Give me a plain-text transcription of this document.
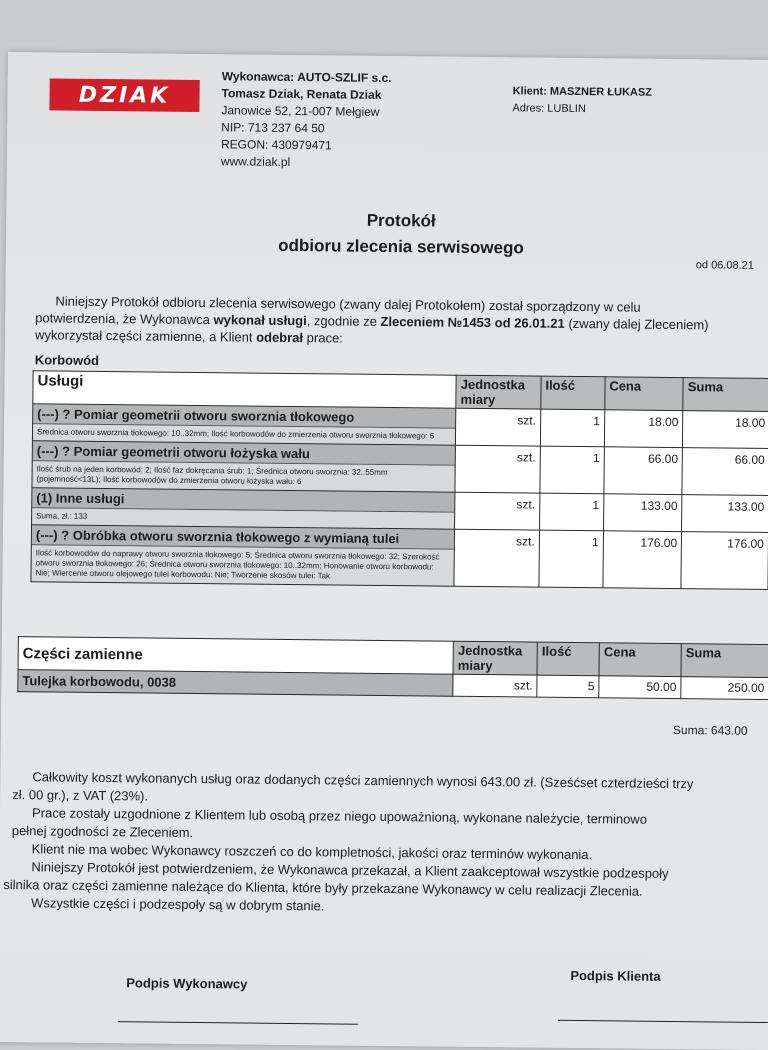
DZIAK
Wykonawca: AUTO-SZLIF s.c.
Tomasz Dziak, Renata Dziak
Janowice 52, 21-007 Mełgiew
NIP: 713 237 64 50
REGON: 430979471
www.dziak.pl
Klient: MASZNER ŁUKASZ
Adres: LUBLIN
Protokół
odbioru zlecenia serwisowego
od 06.08.21
Niniejszy Protokół odbioru zlecenia serwisowego (zwany dalej Protokołem) został sporządzony w celu
potwierdzenia, że Wykonawca wykonał usługi, zgodnie ze Zleceniem №1453 od 26.01.21 (zwany dalej Zleceniem)
wykorzystał części zamienne, a Klient odebrał prace:
Korbowód
Usługi	Jednostka miary	Ilość	Cena	Suma

(---) ? Pomiar geometrii otworu sworznia tłokowego
Średnica otworu sworznia tłokowego: 10..32mm; Ilość korbowodów do zmierzenia otworu sworznia tłokowego: 6	szt.	1	18.00	18.00

(---) ? Pomiar geometrii otworu łożyska wału
Ilość śrub na jeden korbowód: 2; Ilość faz dokręcania śrub: 1; Średnica otworu sworznia: 32..55mm (pojemność<13L); Ilość korbowodów do zmierzenia otworu łożyska wału: 6	szt.	1	66.00	66.00

(1) Inne usługi
Suma, zł.: 133	szt.	1	133.00	133.00

(---) ? Obróbka otworu sworznia tłokowego z wymianą tulei
Ilość korbowodów do naprawy otworu sworznia tłokowego: 5; Średnica otworu sworznia tłokowego: 32; Szerokość otworu sworznia tłokowego: 26; Średnica otworu sworznia tłokowego: 10..32mm; Honowanie otworu korbowodu: Nie; Wiercenie otworu olejowego tulei korbowodu: Nie; Tworzenie skosów tulei: Tak	szt.	1	176.00	176.00
Części zamienne	Jednostka miary	Ilość	Cena	Suma
Tulejka korbowodu, 0038	szt.	5	50.00	250.00
Suma: 643.00
Całkowity koszt wykonanych usług oraz dodanych części zamiennych wynosi 643.00 zł. (Sześćset czterdzieści trzy
zł. 00 gr.), z VAT (23%).
Prace zostały uzgodnione z Klientem lub osobą przez niego upoważnioną, wykonane należycie, terminowo
pełnej zgodności ze Zleceniem.
Klient nie ma wobec Wykonawcy roszczeń co do kompletności, jakości oraz terminów wykonania.
Niniejszy Protokół jest potwierdzeniem, że Wykonawca przekazał, a Klient zaakceptował wszystkie podzespoły
silnika oraz części zamienne należące do Klienta, które były przekazane Wykonawcy w celu realizacji Zlecenia.
Wszystkie części i podzespoły są w dobrym stanie.
Podpis Wykonawcy	Podpis Klienta
